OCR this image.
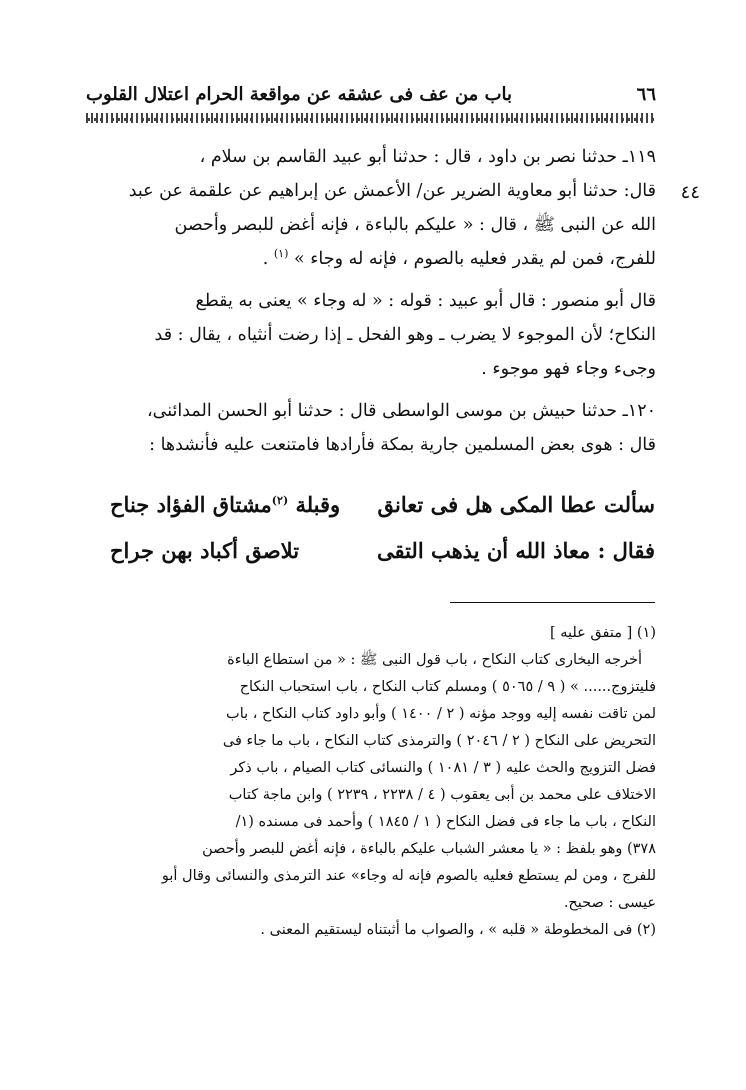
٦٦
باب من عف فى عشقه عن مواقعة الحرام اعتلال القلوب
٤٤
١١٩ـ حدثنا نصر بن داود ، قال : حدثنا أبو عبيد القاسم بن سلام ،
قال: حدثنا أبو معاوية الضرير عن/ الأعمش عن إبراهيم عن علقمة عن عبد
الله عن النبى ﷺ ، قال : « عليكم بالباءة ، فإنه أغض للبصر وأحصن
للفرج، فمن لم يقدر فعليه بالصوم ، فإنه له وجاء » $^{(١)}$ .
قال أبو منصور : قال أبو عبيد : قوله : « له وجاء » يعنى به يقطع
النكاح؛ لأن الموجوء لا يضرب ـ وهو الفحل ـ إذا رضت أنثياه ، يقال : قد
وجىء وجاء فهو موجوء .
١٢٠ـ حدثنا حبيش بن موسى الواسطى قال : حدثنا أبو الحسن المدائنى،
قال : هوى بعض المسلمين جارية بمكة فأرادها فامتنعت عليه فأنشدها :
سألت عطا المكى هل فى تعانق
وقبلة $^{(٢)}$مشتاق الفؤاد جناح
فقال : معاذ الله أن يذهب التقى
تلاصق أكباد بهن جراح
(١) [ متفق عليه ]
أخرجه البخارى كتاب النكاح ، باب قول النبى ﷺ : « من استطاع الباءة
فليتزوج...... » ( ٩ / ٥٠٦٥ ) ومسلم كتاب النكاح ، باب استحباب النكاح
لمن تاقت نفسه إليه ووجد مؤنه ( ٢ / ١٤٠٠ ) وأبو داود كتاب النكاح ، باب
التحريض على النكاح ( ٢ / ٢٠٤٦ ) والترمذى كتاب النكاح ، باب ما جاء فى
فضل التزويج والحث عليه ( ٣ / ١٠٨١ ) والنسائى كتاب الصيام ، باب ذكر
الاختلاف على محمد بن أبى يعقوب ( ٤ / ٢٢٣٨ ، ٢٢٣٩ ) وابن ماجة كتاب
النكاح ، باب ما جاء فى فضل النكاح ( ١ / ١٨٤٥ ) وأحمد فى مسنده (١/
٣٧٨) وهو بلفظ : « يا معشر الشباب عليكم بالباءة ، فإنه أغض للبصر وأحصن
للفرج ، ومن لم يستطع فعليه بالصوم فإنه له وجاء» عند الترمذى والنسائى وقال أبو
عيسى : صحيح.
(٢) فى المخطوطة « قلبه » ، والصواب ما أثبتناه ليستقيم المعنى .
